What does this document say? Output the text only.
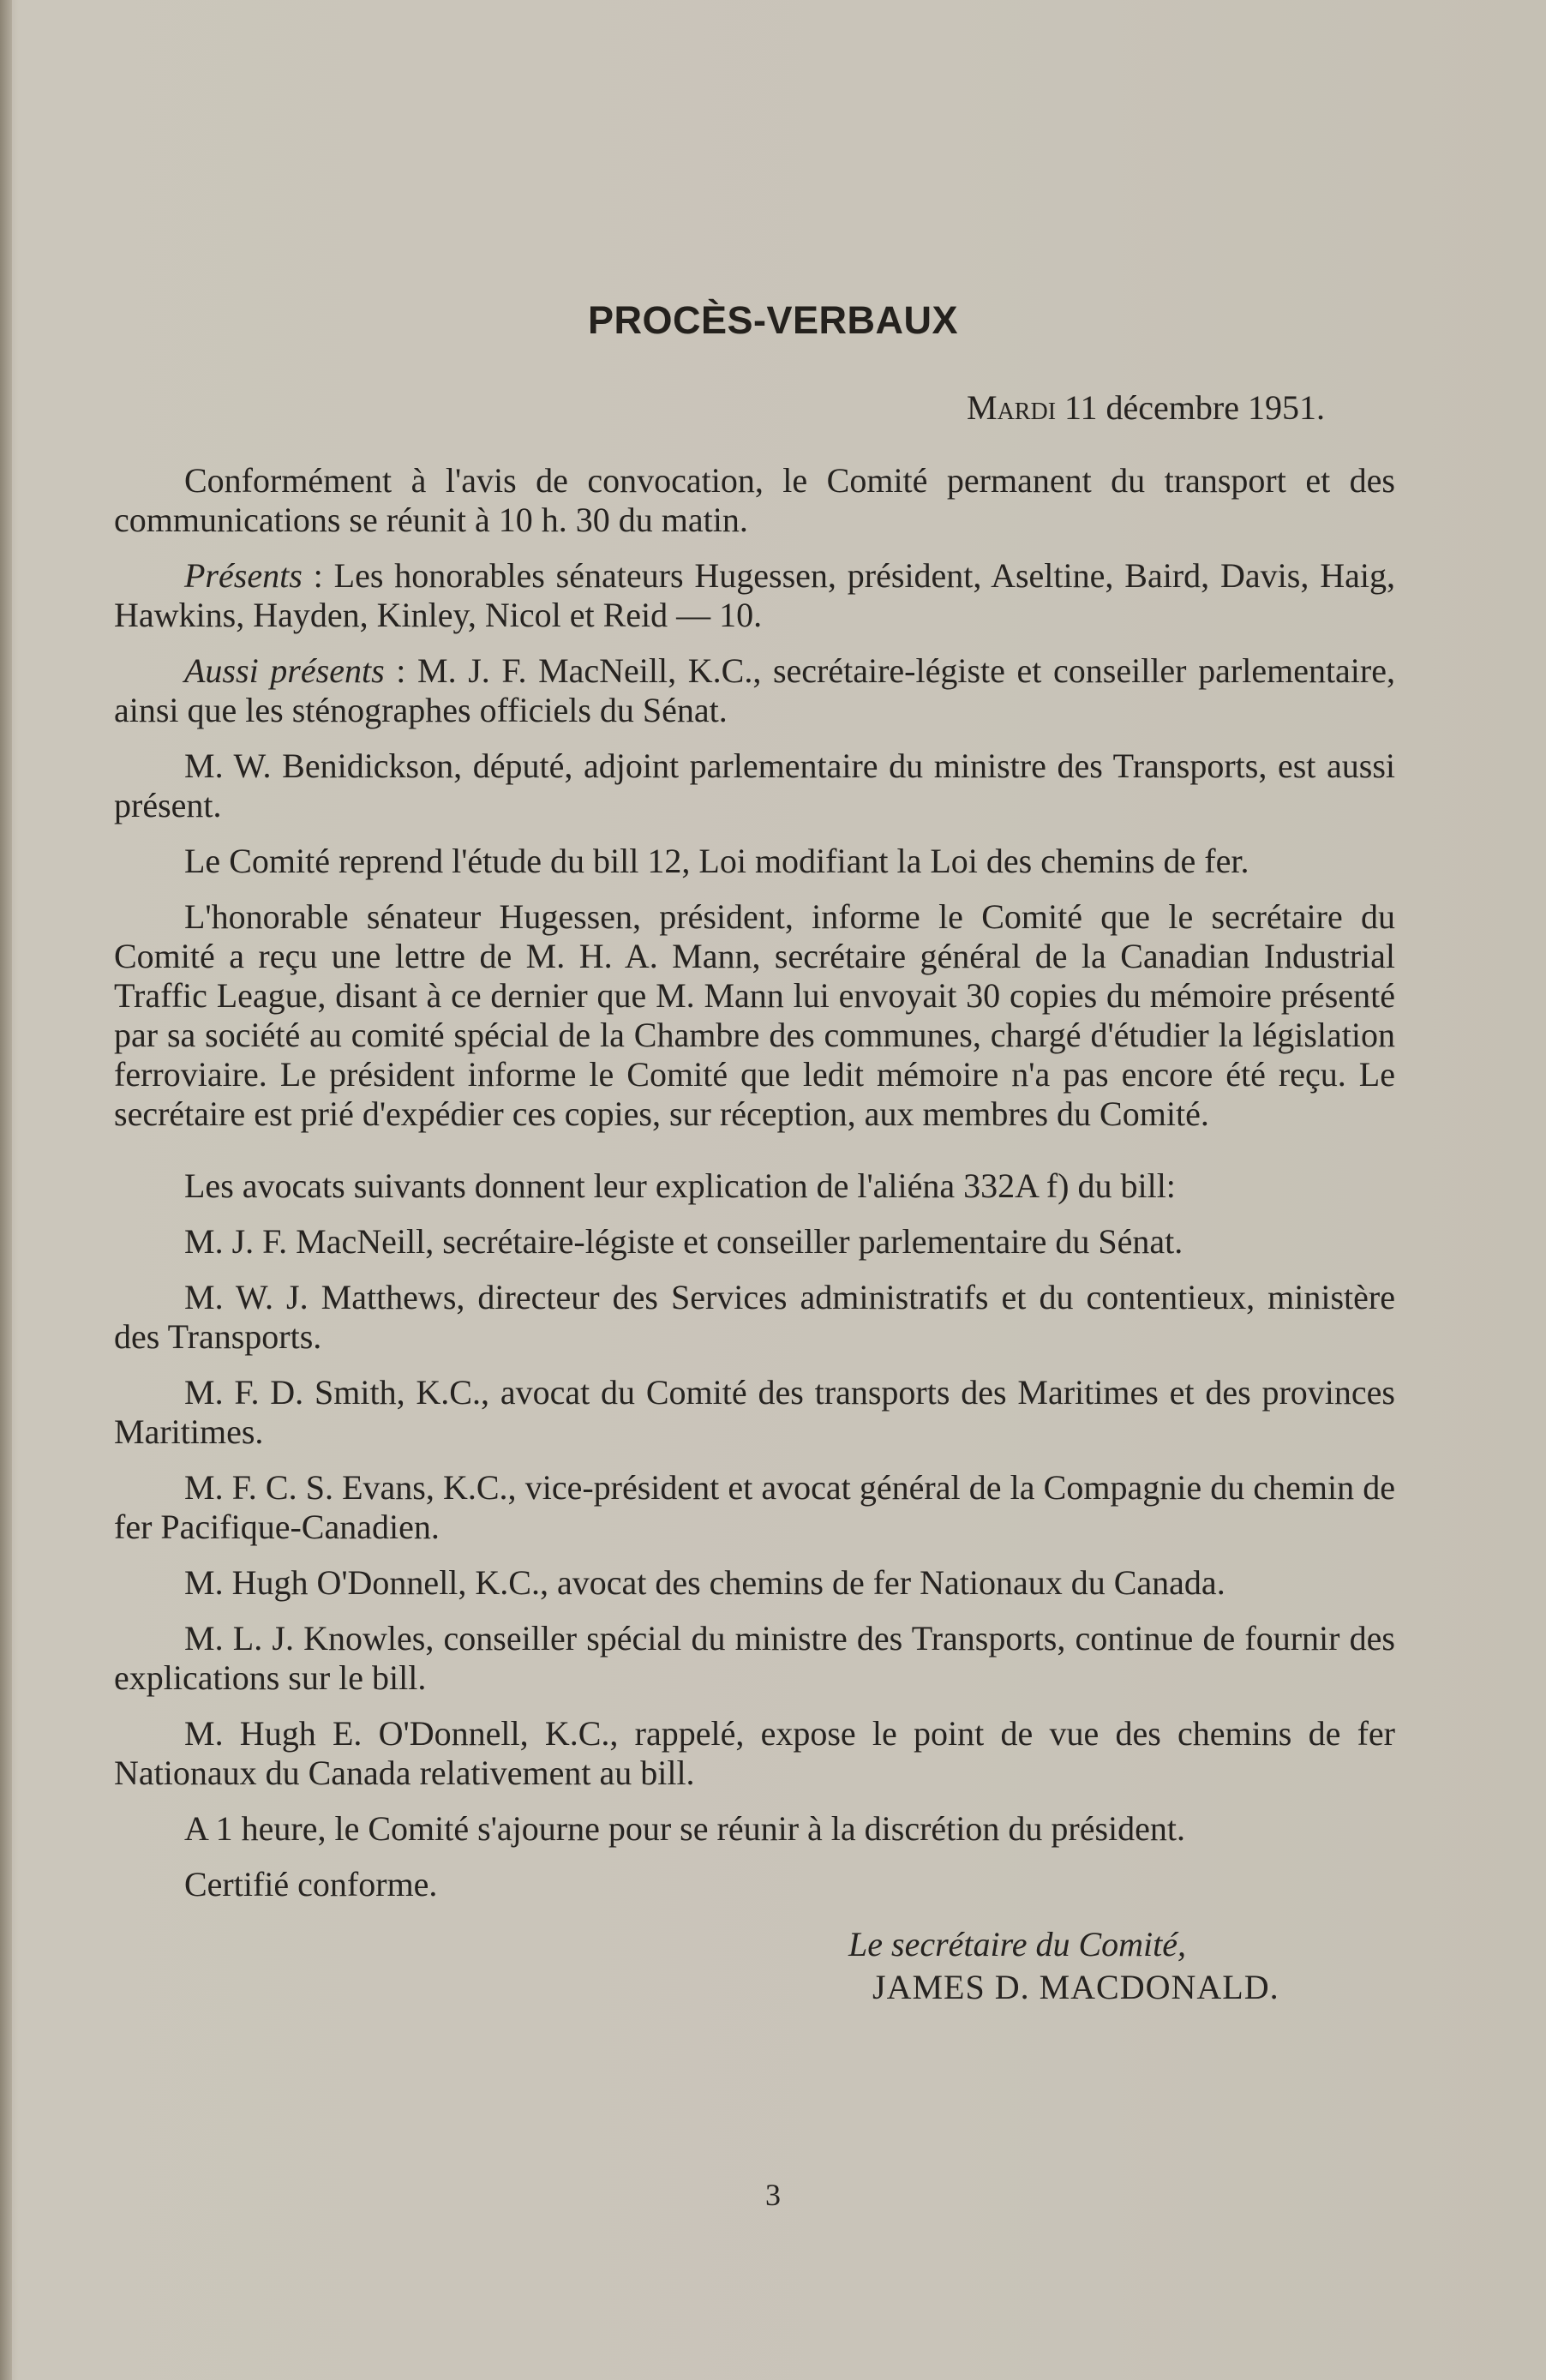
PROCÈS-VERBAUX
Mardi 11 décembre 1951.

Conformément à l'avis de convocation, le Comité permanent du transport et des communications se réunit à 10 h. 30 du matin.

Présents : Les honorables sénateurs Hugessen, président, Aseltine, Baird, Davis, Haig, Hawkins, Hayden, Kinley, Nicol et Reid — 10.

Aussi présents : M. J. F. MacNeill, K.C., secrétaire-légiste et conseiller parlementaire, ainsi que les sténographes officiels du Sénat.

M. W. Benidickson, député, adjoint parlementaire du ministre des Transports, est aussi présent.

Le Comité reprend l'étude du bill 12, Loi modifiant la Loi des chemins de fer.

L'honorable sénateur Hugessen, président, informe le Comité que le secrétaire du Comité a reçu une lettre de M. H. A. Mann, secrétaire général de la Canadian Industrial Traffic League, disant à ce dernier que M. Mann lui envoyait 30 copies du mémoire présenté par sa société au comité spécial de la Chambre des communes, chargé d'étudier la législation ferroviaire. Le président informe le Comité que ledit mémoire n'a pas encore été reçu. Le secrétaire est prié d'expédier ces copies, sur réception, aux membres du Comité.

Les avocats suivants donnent leur explication de l'aliéna 332A f) du bill:

M. J. F. MacNeill, secrétaire-légiste et conseiller parlementaire du Sénat.

M. W. J. Matthews, directeur des Services administratifs et du contentieux, ministère des Transports.

M. F. D. Smith, K.C., avocat du Comité des transports des Maritimes et des provinces Maritimes.

M. F. C. S. Evans, K.C., vice-président et avocat général de la Compagnie du chemin de fer Pacifique-Canadien.

M. Hugh O'Donnell, K.C., avocat des chemins de fer Nationaux du Canada.

M. L. J. Knowles, conseiller spécial du ministre des Transports, continue de fournir des explications sur le bill.

M. Hugh E. O'Donnell, K.C., rappelé, expose le point de vue des chemins de fer Nationaux du Canada relativement au bill.

A 1 heure, le Comité s'ajourne pour se réunir à la discrétion du président.

Certifié conforme.

Le secrétaire du Comité,
JAMES D. MACDONALD.
3
